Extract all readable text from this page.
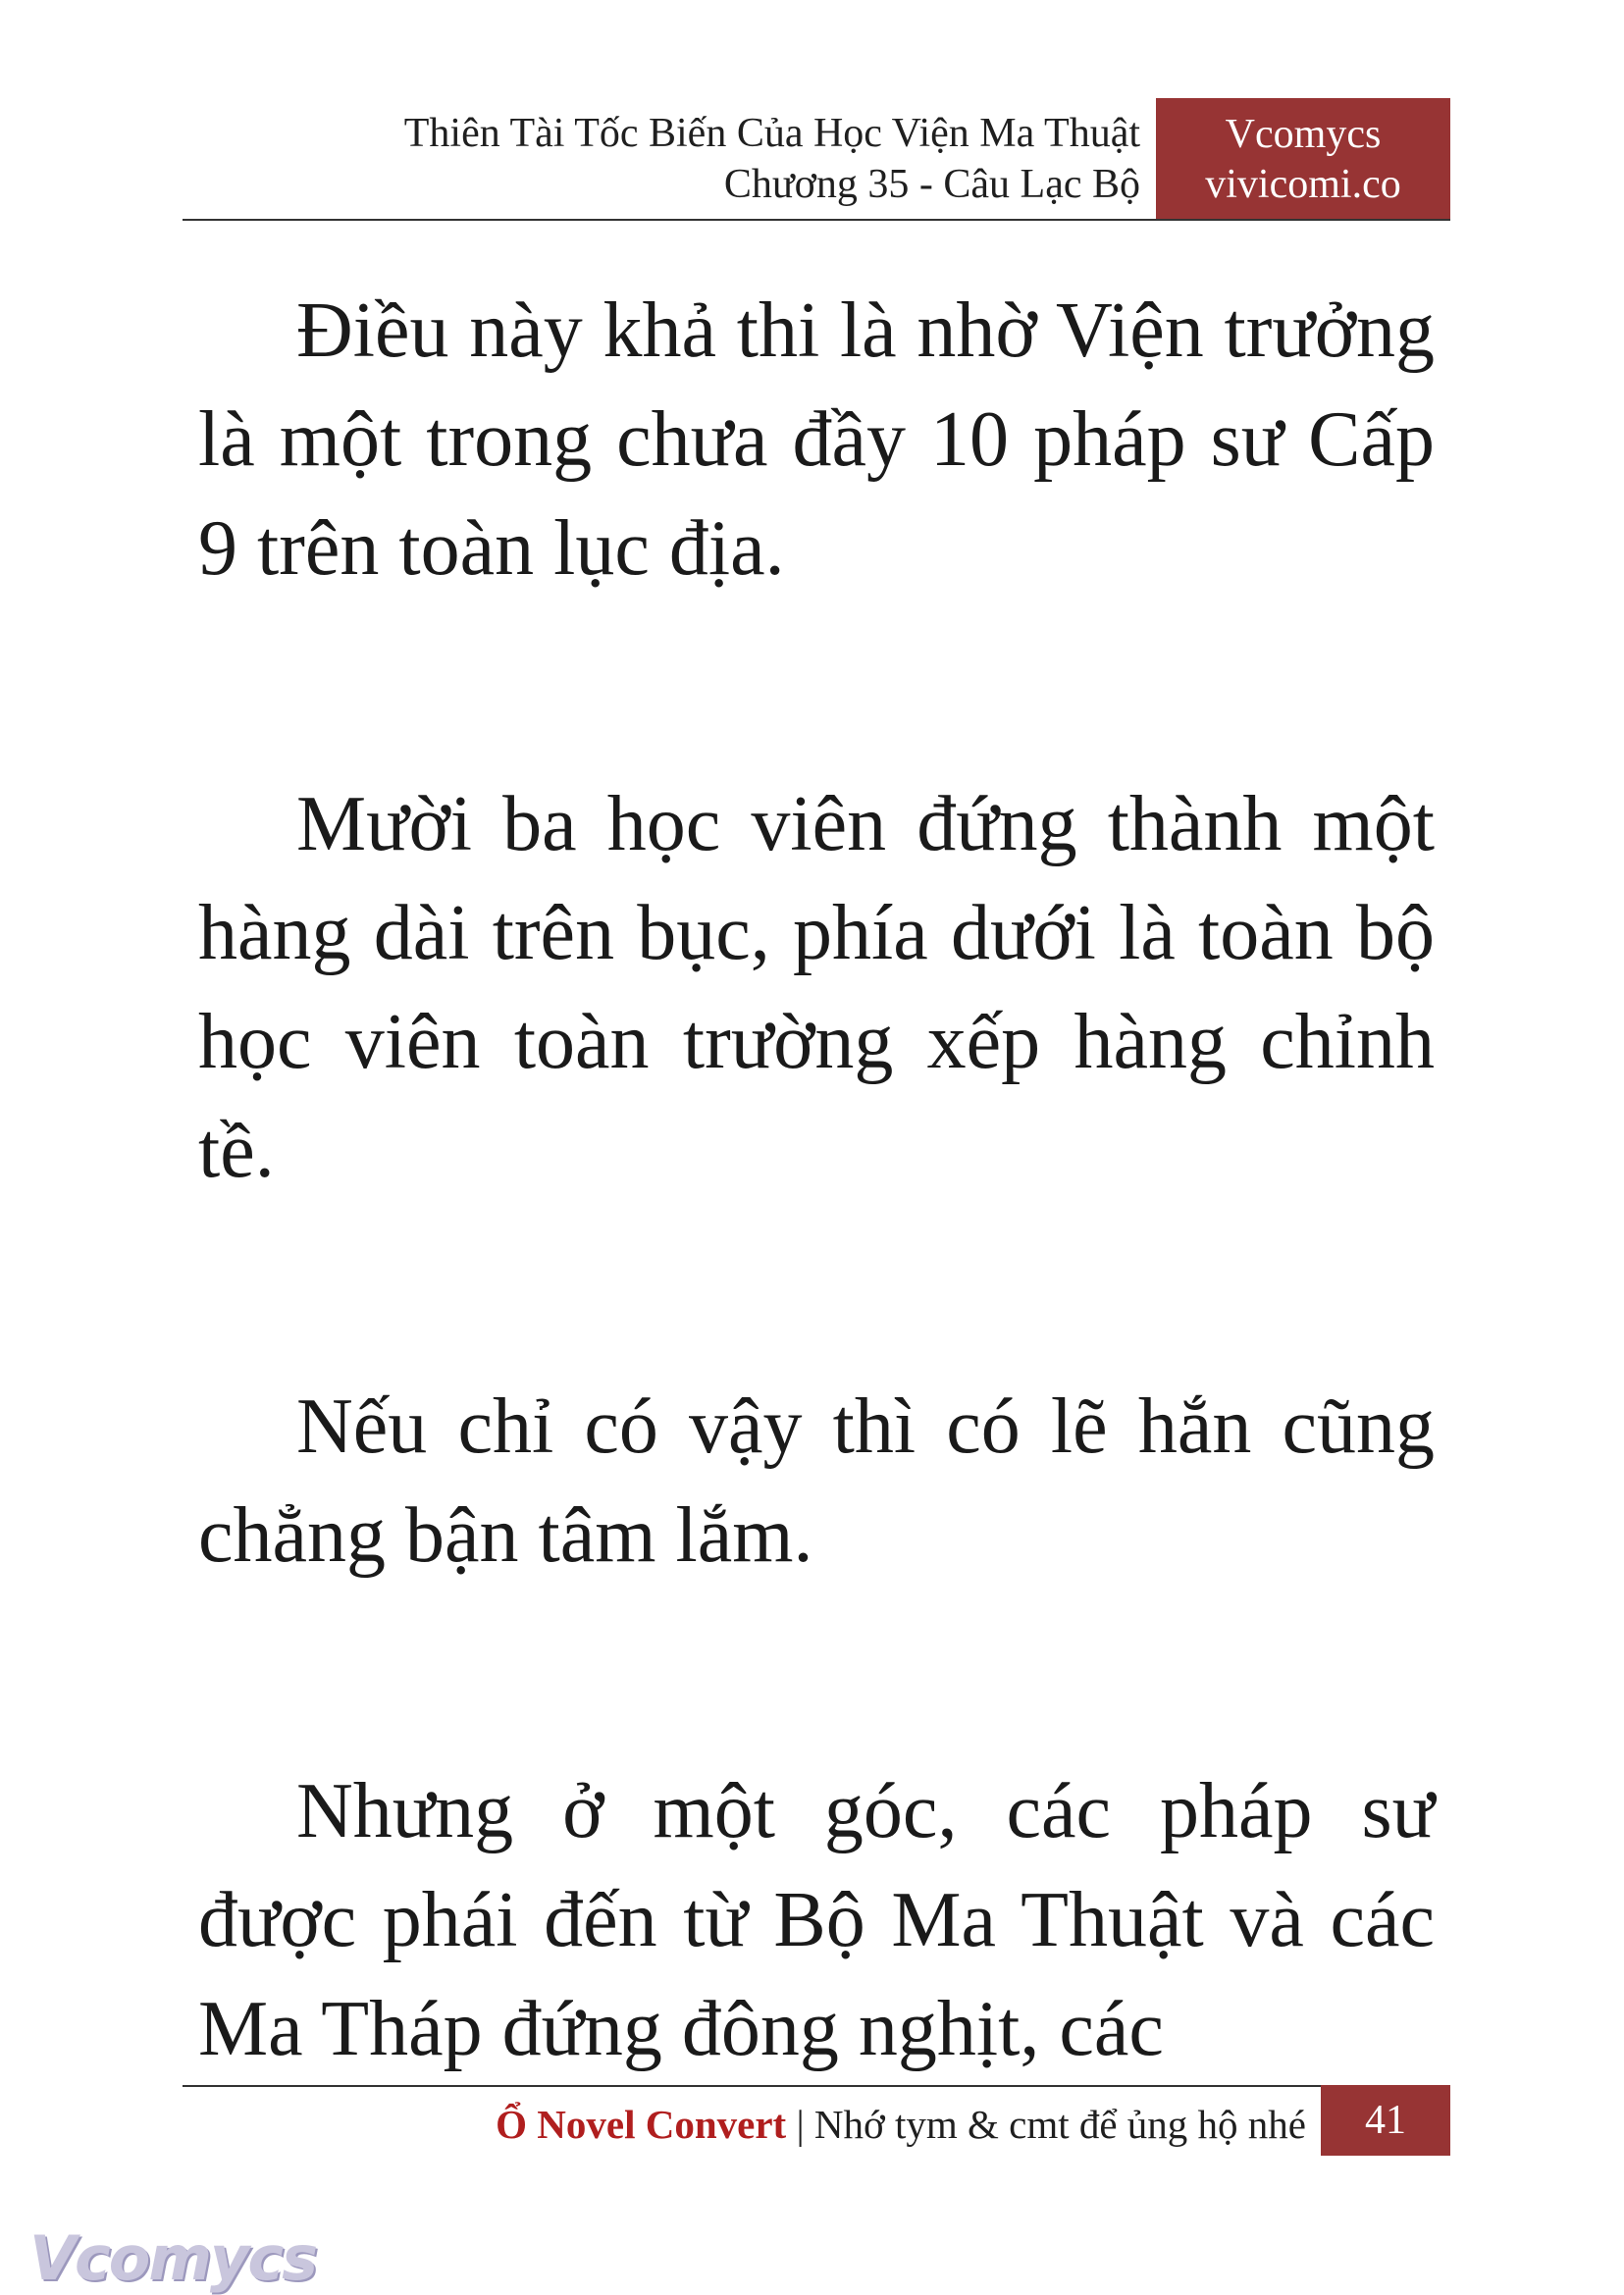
Thiên Tài Tốc Biến Của Học Viện Ma Thuật
Chương 35 - Câu Lạc Bộ
Vcomycs
vivicomi.co

Điều này khả thi là nhờ Viện trưởng là một trong chưa đầy 10 pháp sư Cấp 9 trên toàn lục địa.

Mười ba học viên đứng thành một hàng dài trên bục, phía dưới là toàn bộ học viên toàn trường xếp hàng chỉnh tề.

Nếu chỉ có vậy thì có lẽ hắn cũng chẳng bận tâm lắm.

Nhưng ở một góc, các pháp sư được phái đến từ Bộ Ma Thuật và các Ma Tháp đứng đông nghịt, các

Ổ Novel Convert | Nhớ tym & cmt để ủng hộ nhé	41
Vcomycs
